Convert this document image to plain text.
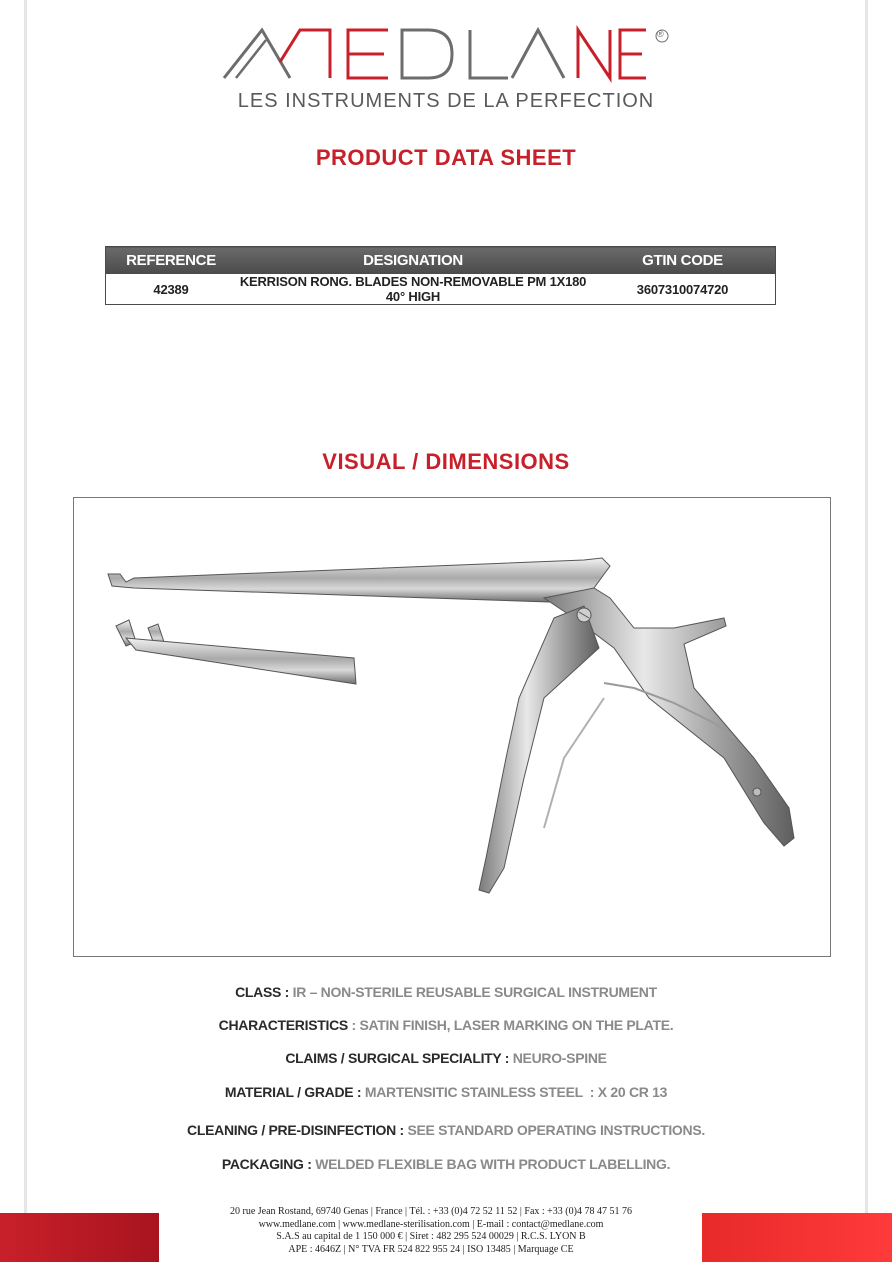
®
LES INSTRUMENTS DE LA PERFECTION
PRODUCT DATA SHEET
REFERENCE	DESIGNATION	GTIN CODE
42389	KERRISON RONG. BLADES NON-REMOVABLE PM 1X180 40° HIGH	3607310074720
VISUAL / DIMENSIONS
CLASS : IR – NON-STERILE REUSABLE SURGICAL INSTRUMENT
CHARACTERISTICS : SATIN FINISH, LASER MARKING ON THE PLATE.
CLAIMS / SURGICAL SPECIALITY : NEURO-SPINE
MATERIAL / GRADE : MARTENSITIC STAINLESS STEEL  : X 20 CR 13
CLEANING / PRE-DISINFECTION : SEE STANDARD OPERATING INSTRUCTIONS.
PACKAGING : WELDED FLEXIBLE BAG WITH PRODUCT LABELLING.
20 rue Jean Rostand, 69740 Genas | France | Tél. : +33 (0)4 72 52 11 52 | Fax : +33 (0)4 78 47 51 76
www.medlane.com | www.medlane-sterilisation.com | E-mail : contact@medlane.com
S.A.S au capital de 1 150 000 € | Siret : 482 295 524 00029 | R.C.S. LYON B
APE : 4646Z | N° TVA FR 524 822 955 24 | ISO 13485 | Marquage CE
